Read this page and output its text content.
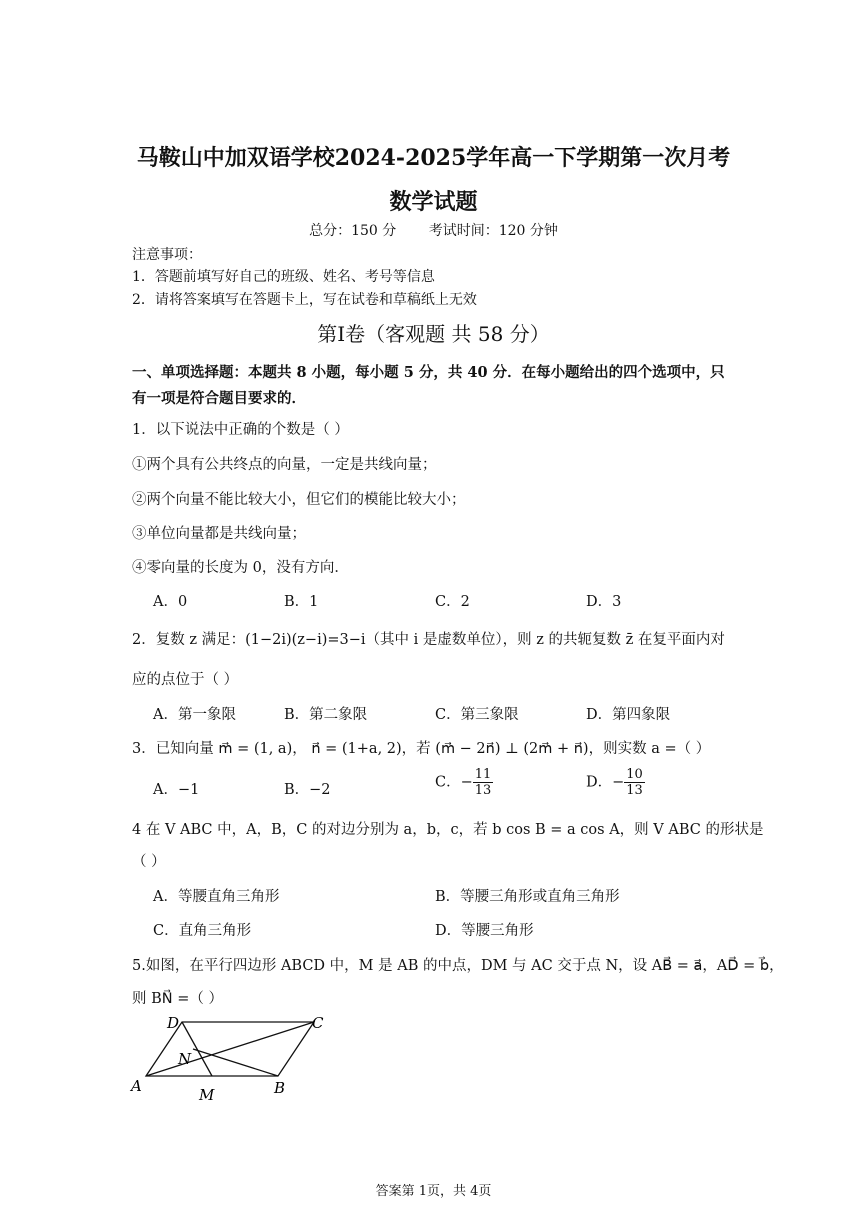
马鞍山中加双语学校2024-2025学年高一下学期第一次月考
数学试题
总分：150 分 考试时间：120 分钟
注意事项：
1．答题前填写好自己的班级、姓名、考号等信息
2．请将答案填写在答题卡上，写在试卷和草稿纸上无效
第Ⅰ卷（客观题 共 58 分）
一、单项选择题：本题共 8 小题，每小题 5 分，共 40 分．在每小题给出的四个选项中，只
有一项是符合题目要求的．
1．以下说法中正确的个数是（ ）
①两个具有公共终点的向量，一定是共线向量；
②两个向量不能比较大小，但它们的模能比较大小；
③单位向量都是共线向量；
④零向量的长度为 0，没有方向．
A．0	B．1	C．2	D．3
2．复数 z 满足：(1−2i)(z−i)=3−i（其中 i 是虚数单位），则 z 的共轭复数 z̄ 在复平面内对
应的点位于（ ）
A．第一象限	B．第二象限	C．第三象限	D．第四象限
3．已知向量 m⃗ = (1, a)， n⃗ = (1+a, 2)，若 (m⃗ − 2n⃗) ⊥ (2m⃗ + n⃗)，则实数 a =（ ）
A．−1	B．−2	C．− $\frac{11}{13}$	D．− $\frac{10}{13}$
4 在 V ABC 中，A，B，C 的对边分别为 a，b，c，若 b cos B = a cos A，则 V ABC 的形状是
（ ）
A．等腰直角三角形	B．等腰三角形或直角三角形
C．直角三角形	D．等腰三角形
5.如图，在平行四边形 ABCD 中，M 是 AB 的中点，DM 与 AC 交于点 N，设 AB⃗ = a⃗，AD⃗ = b⃗，
则 BN⃗ =（ ）
A	B
C
D
M
N
答案第 1页，共 4页
